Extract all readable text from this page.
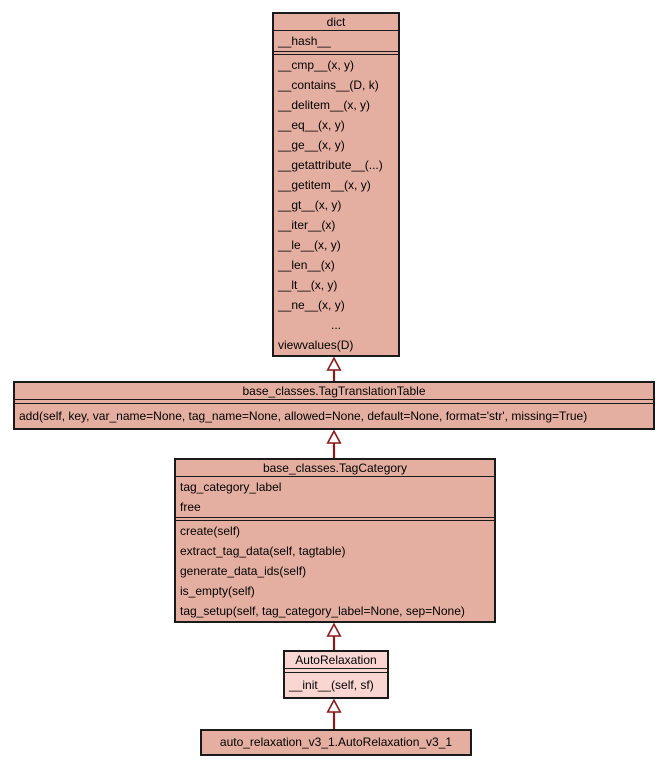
dict
__hash__
__cmp__(x, y)
__contains__(D, k)
__delitem__(x, y)
__eq__(x, y)
__ge__(x, y)
__getattribute__(...)
__getitem__(x, y)
__gt__(x, y)
__iter__(x)
__le__(x, y)
__len__(x)
__lt__(x, y)
__ne__(x, y)
...
viewvalues(D)
base_classes.TagTranslationTable
add(self, key, var_name=None, tag_name=None, allowed=None, default=None, format='str', missing=True)
base_classes.TagCategory
tag_category_label
free
create(self)
extract_tag_data(self, tagtable)
generate_data_ids(self)
is_empty(self)
tag_setup(self, tag_category_label=None, sep=None)
AutoRelaxation
__init__(self, sf)
auto_relaxation_v3_1.AutoRelaxation_v3_1
